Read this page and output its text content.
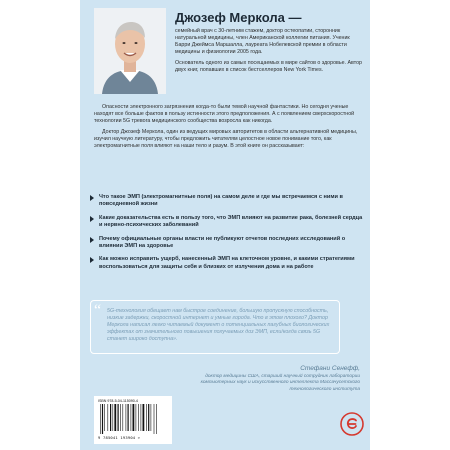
Джозеф Меркола —

семейный врач с 30-летним стажем, доктор остеопатии, сторонник натуральной медицины, член Американской коллегии питания. Ученик Барри Джеймса Маршалла, лауреата Нобелевской премии в области медицины и физиологии 2005 года.

Основатель одного из самых посещаемых в мире сайтов о здоровье. Автор двух книг, попавших в список бестселлеров New York Times.

Опасности электронного загрязнения когда-то были темой научной фантастики. Но сегодня ученые находят все больше фактов в пользу истинности этого предположения. А с появлением сверхскоростной технологии 5G тревога медицинского сообщества возросла как никогда.

Доктор Джозеф Меркола, один из ведущих мировых авторитетов в области альтернативной медицины, изучил научную литературу, чтобы предложить читателям целостное новое понимание того, как электромагнитные поля влияют на наши тело и разум. В этой книге он рассказывает:

Что такое ЭМП (электромагнитные поля) на самом деле и где мы встречаемся с ними в повседневной жизни
Какие доказательства есть в пользу того, что ЭМП влияют на развитие рака, болезней сердца и нервно-психических заболеваний
Почему официальные органы власти не публикуют отчетов последних исследований о влиянии ЭМП на здоровье
Как можно исправить ущерб, нанесенный ЭМП на клеточном уровне, и какими стратегиями воспользоваться для защиты себя и близких от излучения дома и на работе
“ 5G-технология обещает нам быстрое соединение, большую пропускную способность, низкие задержки, скоростной интернет и умные города. Что в этом плохого? Доктор Меркола написал легко читаемый документ о потенциальных пагубных биологических эффектах от значительного повышения получаемых доз ЭМП, если/когда связь 5G станет широко доступна».

Стефани Сенефф,
доктор медицины США, старший научный сотрудник лаборатории компьютерных наук и искусственного интеллекта Массачусетского технологического института
ISBN 978-5-04-115090-4
9 785041 193904 >
